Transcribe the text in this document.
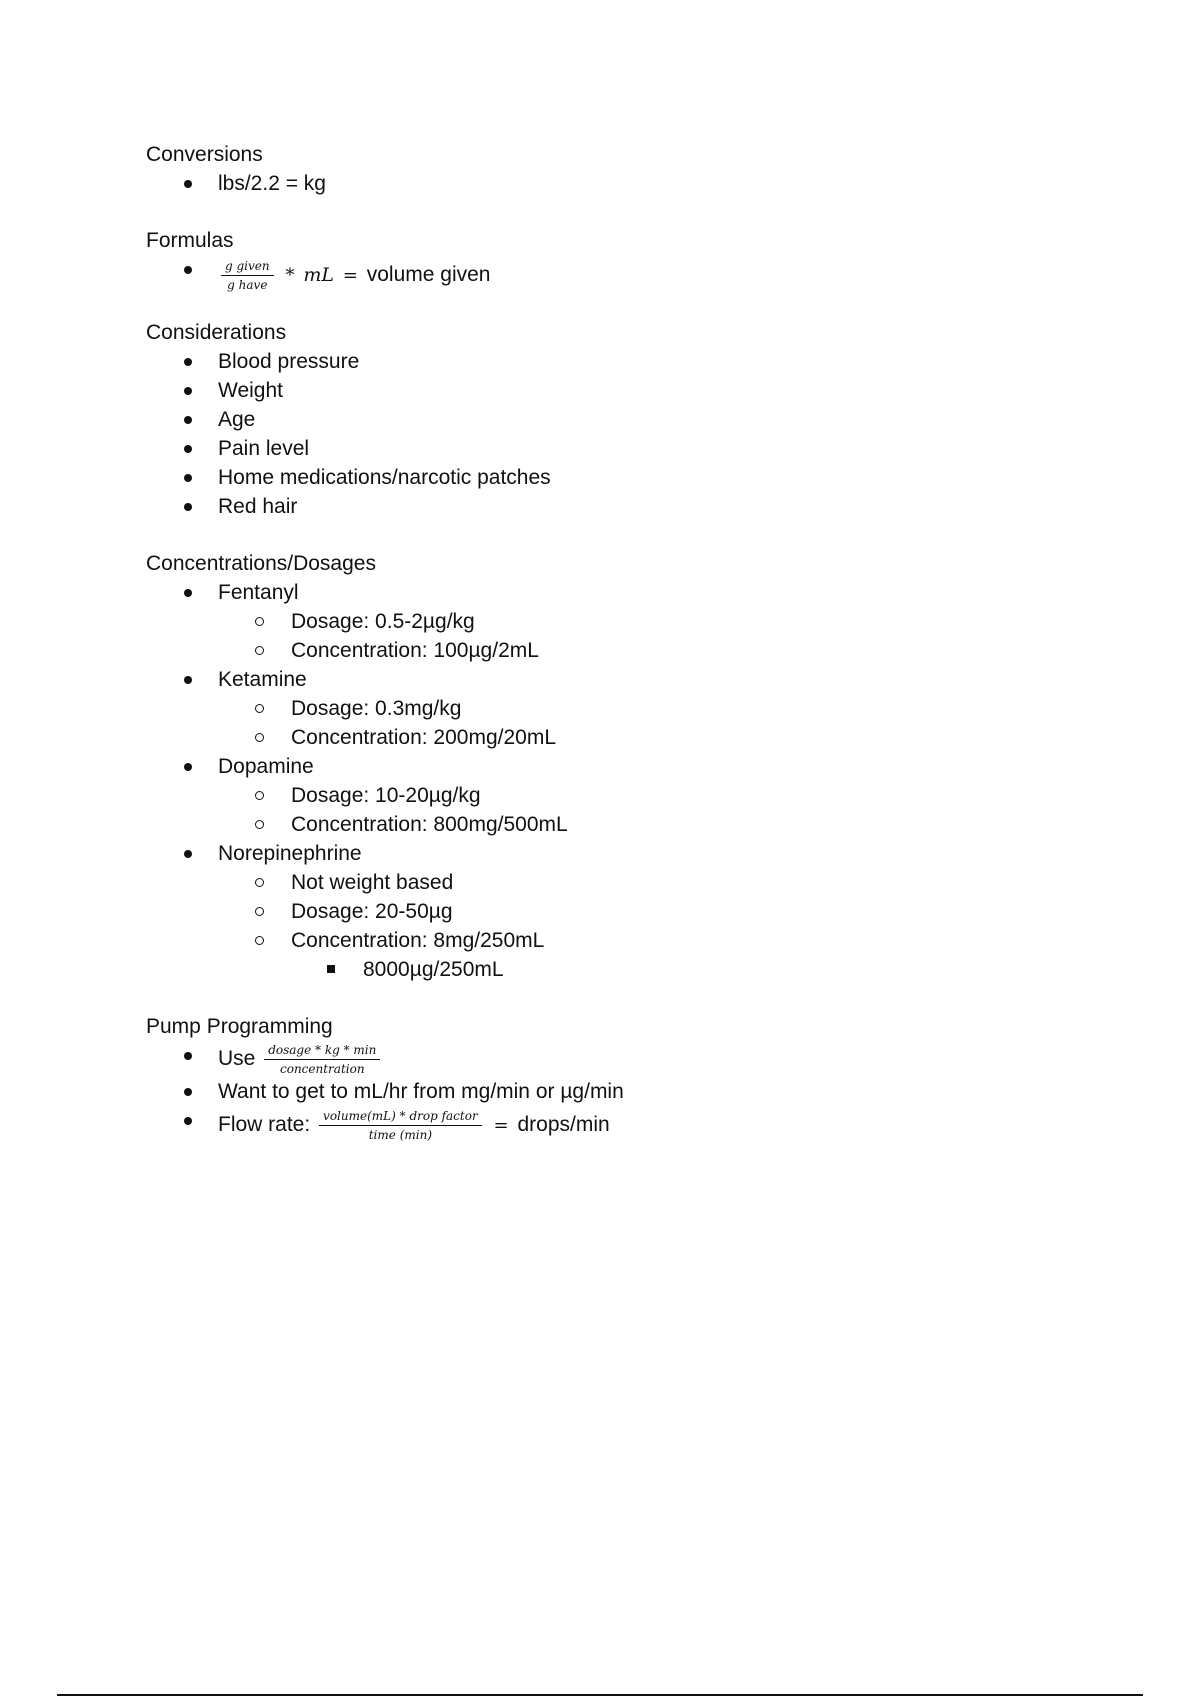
Conversions

lbs/2.2 = kg

Formulas

$\frac{\text{g given}}{\text{g have}}$ * mL = volume given

Considerations

Blood pressure
Weight
Age
Pain level
Home medications/narcotic patches
Red hair

Concentrations/Dosages

Fentanyl
Dosage: 0.5-2µg/kg
Concentration: 100µg/2mL
Ketamine
Dosage: 0.3mg/kg
Concentration: 200mg/20mL
Dopamine
Dosage: 10-20µg/kg
Concentration: 800mg/500mL
Norepinephrine
Not weight based
Dosage: 20-50µg
Concentration: 8mg/250mL
8000µg/250mL

Pump Programming

Use $\frac{\text{dosage * kg * min}}{\text{concentration}}$
Want to get to mL/hr from mg/min or µg/min
Flow rate: $\frac{\text{volume(mL) * drop factor}}{\text{time (min)}}$ = drops/min
